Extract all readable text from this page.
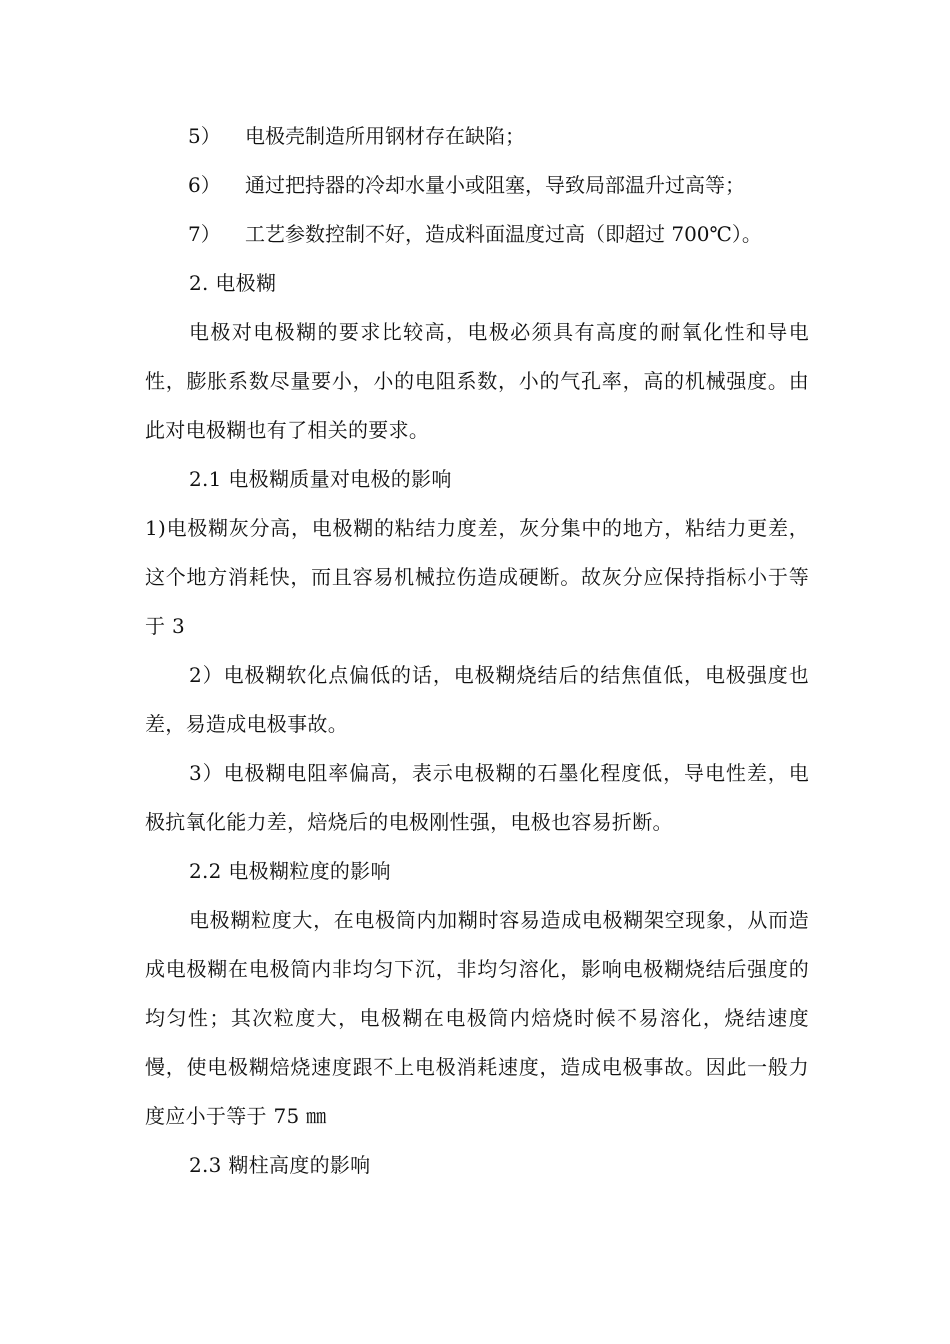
5） 电极壳制造所用钢材存在缺陷；

6） 通过把持器的冷却水量小或阻塞，导致局部温升过高等；

7） 工艺参数控制不好，造成料面温度过高（即超过 700℃）。

2. 电极糊

电极对电极糊的要求比较高，电极必须具有高度的耐氧化性和导电性，膨胀系数尽量要小，小的电阻系数，小的气孔率，高的机械强度。由此对电极糊也有了相关的要求。

2.1 电极糊质量对电极的影响

1)电极糊灰分高，电极糊的粘结力度差，灰分集中的地方，粘结力更差，这个地方消耗快，而且容易机械拉伤造成硬断。故灰分应保持指标小于等于 3

2）电极糊软化点偏低的话，电极糊烧结后的结焦值低，电极强度也差，易造成电极事故。

3）电极糊电阻率偏高，表示电极糊的石墨化程度低，导电性差，电极抗氧化能力差，焙烧后的电极刚性强，电极也容易折断。

2.2 电极糊粒度的影响

电极糊粒度大，在电极筒内加糊时容易造成电极糊架空现象，从而造成电极糊在电极筒内非均匀下沉，非均匀溶化，影响电极糊烧结后强度的均匀性；其次粒度大，电极糊在电极筒内焙烧时候不易溶化，烧结速度慢，使电极糊焙烧速度跟不上电极消耗速度，造成电极事故。因此一般力度应小于等于 75 ㎜

2.3 糊柱高度的影响
